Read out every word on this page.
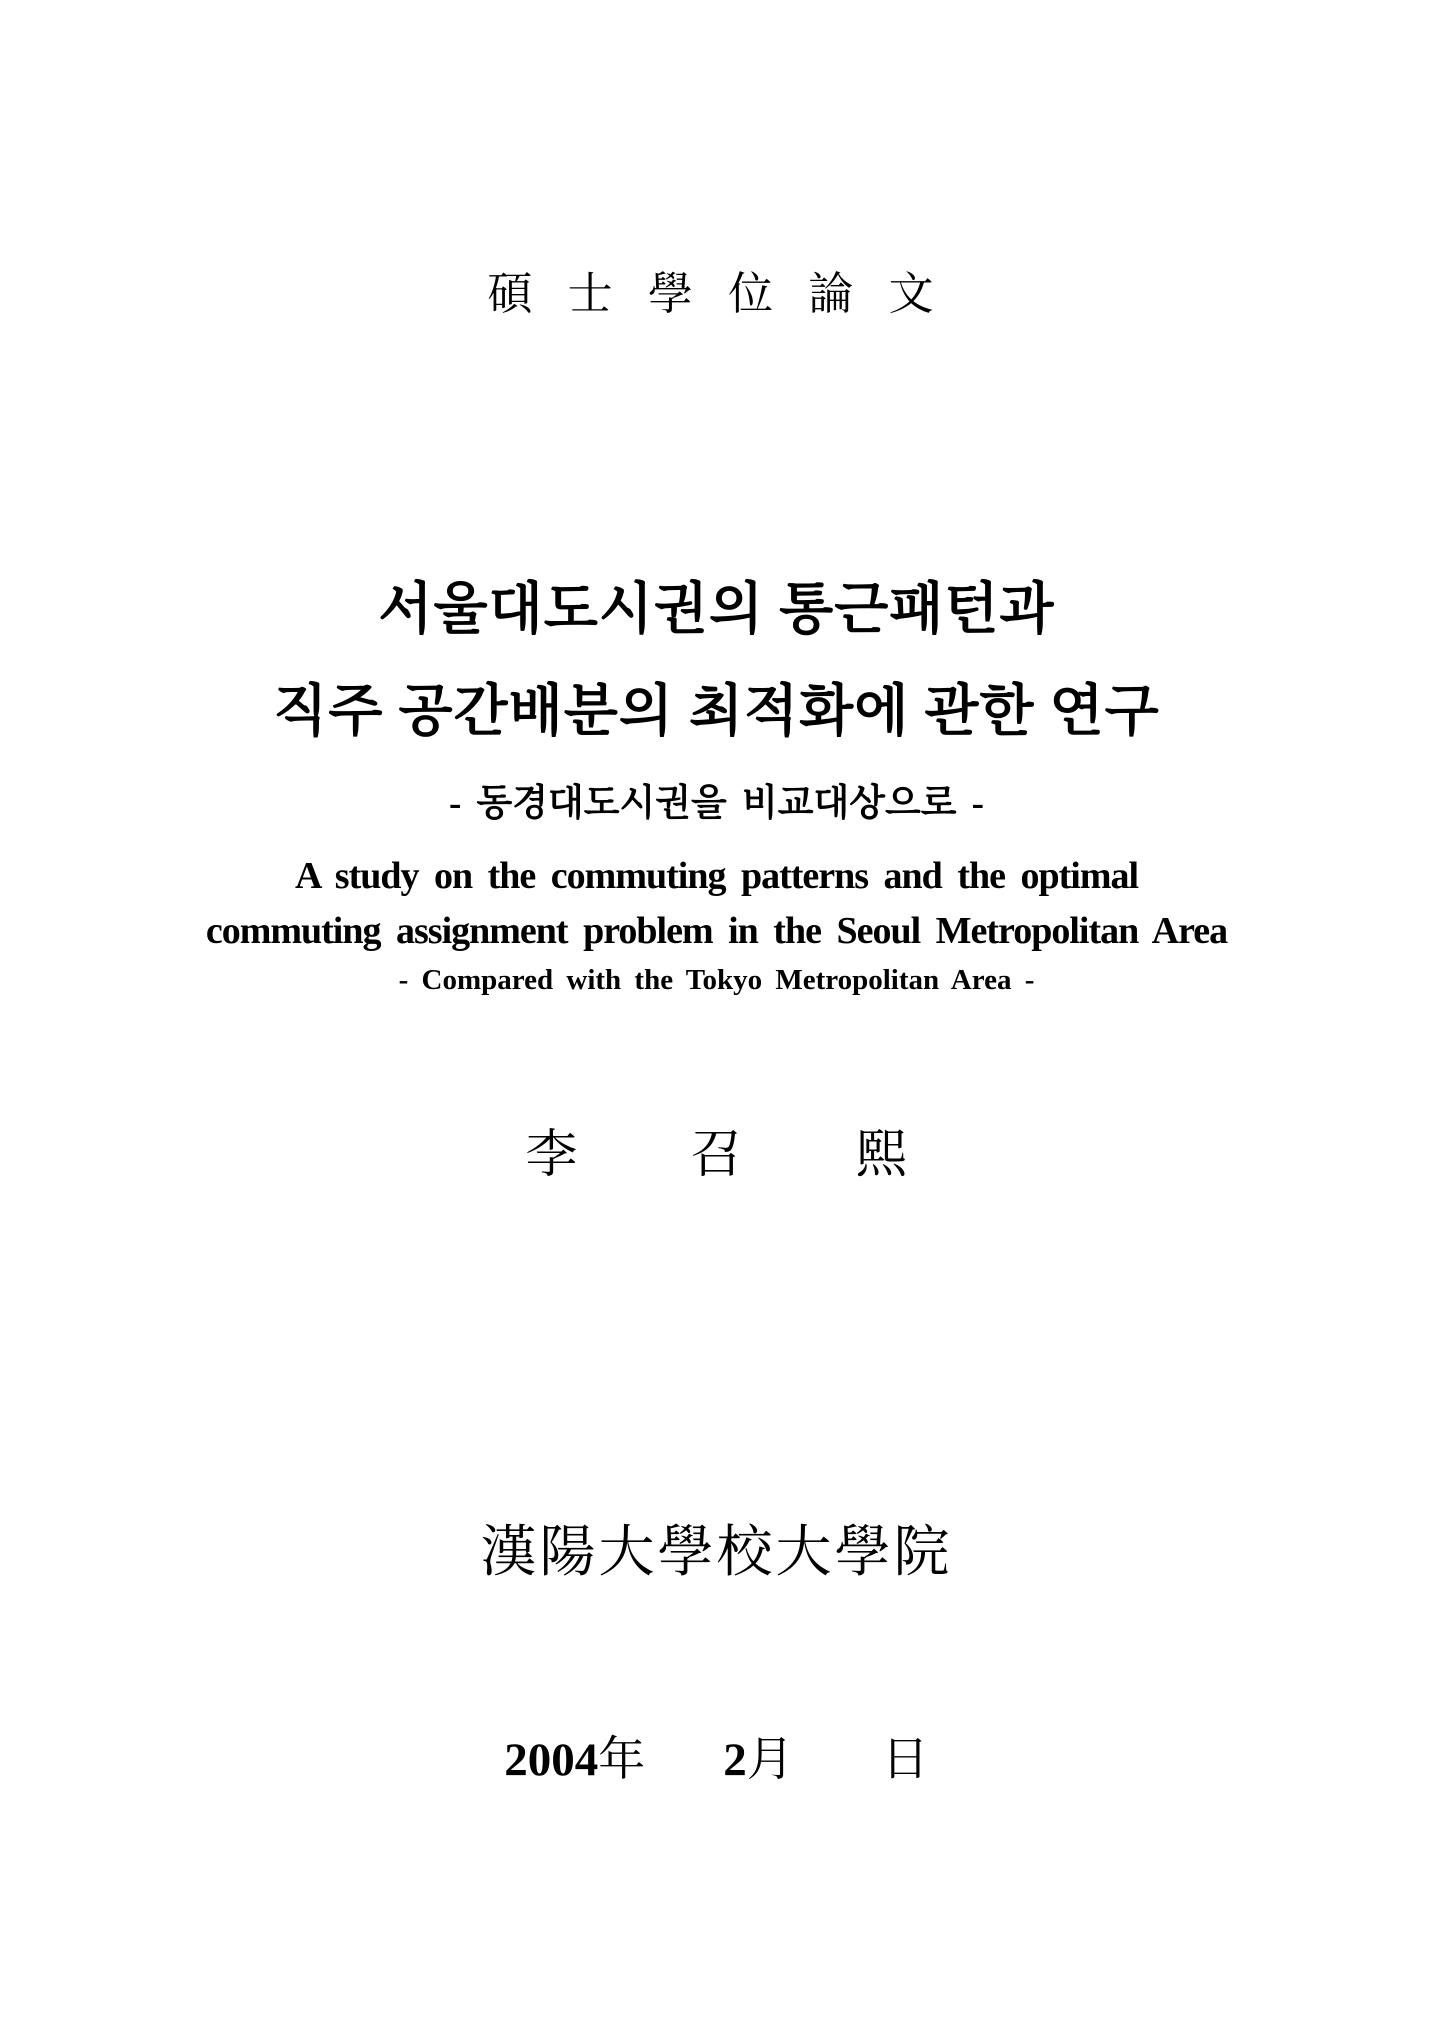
碩 士 學 位 論 文
서울대도시권의 통근패턴과
직주 공간배분의 최적화에 관한 연구
- 동경대도시권을 비교대상으로 -
A study on the commuting patterns and the optimal
commuting assignment problem in the Seoul Metropolitan Area
- Compared with the Tokyo Metropolitan Area -
李 召 熙
漢陽大學校大學院
2004年 2月 日
